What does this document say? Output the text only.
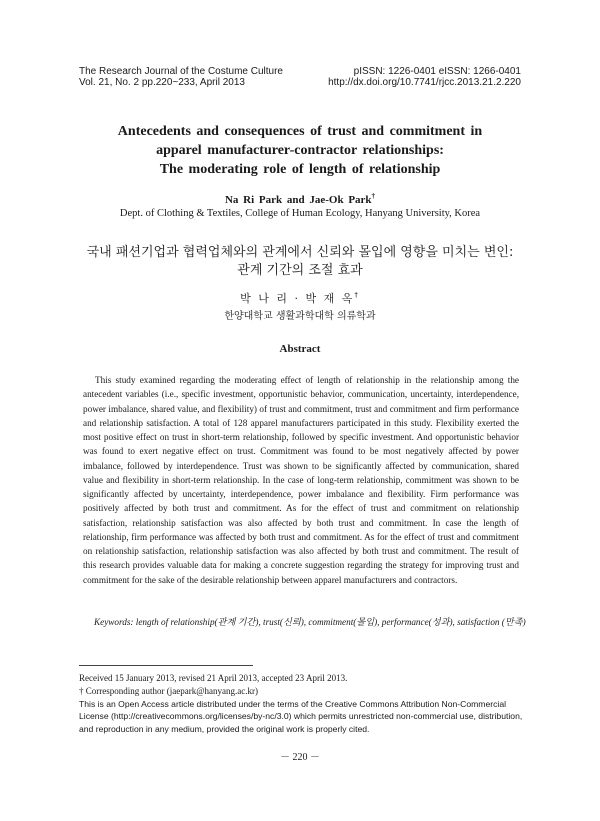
The Research Journal of the Costume Culture
Vol. 21, No. 2 pp.220~233, April 2013
pISSN: 1226-0401 eISSN: 1266-0401
http://dx.doi.org/10.7741/rjcc.2013.21.2.220
Antecedents and consequences of trust and commitment in
apparel manufacturer-contractor relationships:
The moderating role of length of relationship
Na Ri Park and Jae-Ok Park†
Dept. of Clothing & Textiles, College of Human Ecology, Hanyang University, Korea
국내 패션기업과 협력업체와의 관계에서 신뢰와 몰입에 영향을 미치는 변인:
관계 기간의 조절 효과
박 나 리 · 박 재 옥†
한양대학교 생활과학대학 의류학과
Abstract

This study examined regarding the moderating effect of length of relationship in the relationship among the antecedent variables (i.e., specific investment, opportunistic behavior, communication, uncertainty, interdependence, power imbalance, shared value, and flexibility) of trust and commitment, trust and commitment and firm performance and relationship satisfaction. A total of 128 apparel manufacturers participated in this study. Flexibility exerted the most positive effect on trust in short-term relationship, followed by specific investment. And opportunistic behavior was found to exert negative effect on trust. Commitment was found to be most negatively affected by power imbalance, followed by interdependence. Trust was shown to be significantly affected by communication, shared value and flexibility in short-term relationship. In the case of long-term relationship, commitment was shown to be significantly affected by uncertainty, interdependence, power imbalance and flexibility. Firm performance was positively affected by both trust and commitment. As for the effect of trust and commitment on relationship satisfaction, relationship satisfaction was also affected by both trust and commitment. In case the length of relationship, firm performance was affected by both trust and commitment. As for the effect of trust and commitment on relationship satisfaction, relationship satisfaction was also affected by both trust and commitment. The result of this research provides valuable data for making a concrete suggestion regarding the strategy for improving trust and commitment for the sake of the desirable relationship between apparel manufacturers and contractors.

Keywords: length of relationship(관계 기간), trust(신뢰), commitment(몰입), performance(성과), satisfaction (만족)

Received 15 January 2013, revised 21 April 2013, accepted 23 April 2013.
† Corresponding author (jaepark@hanyang.ac.kr)
This is an Open Access article distributed under the terms of the Creative Commons Attribution Non-Commercial License (http://creativecommons.org/licenses/by-nc/3.0) which permits unrestricted non-commercial use, distribution, and reproduction in any medium, provided the original work is properly cited.
－ 220 －
